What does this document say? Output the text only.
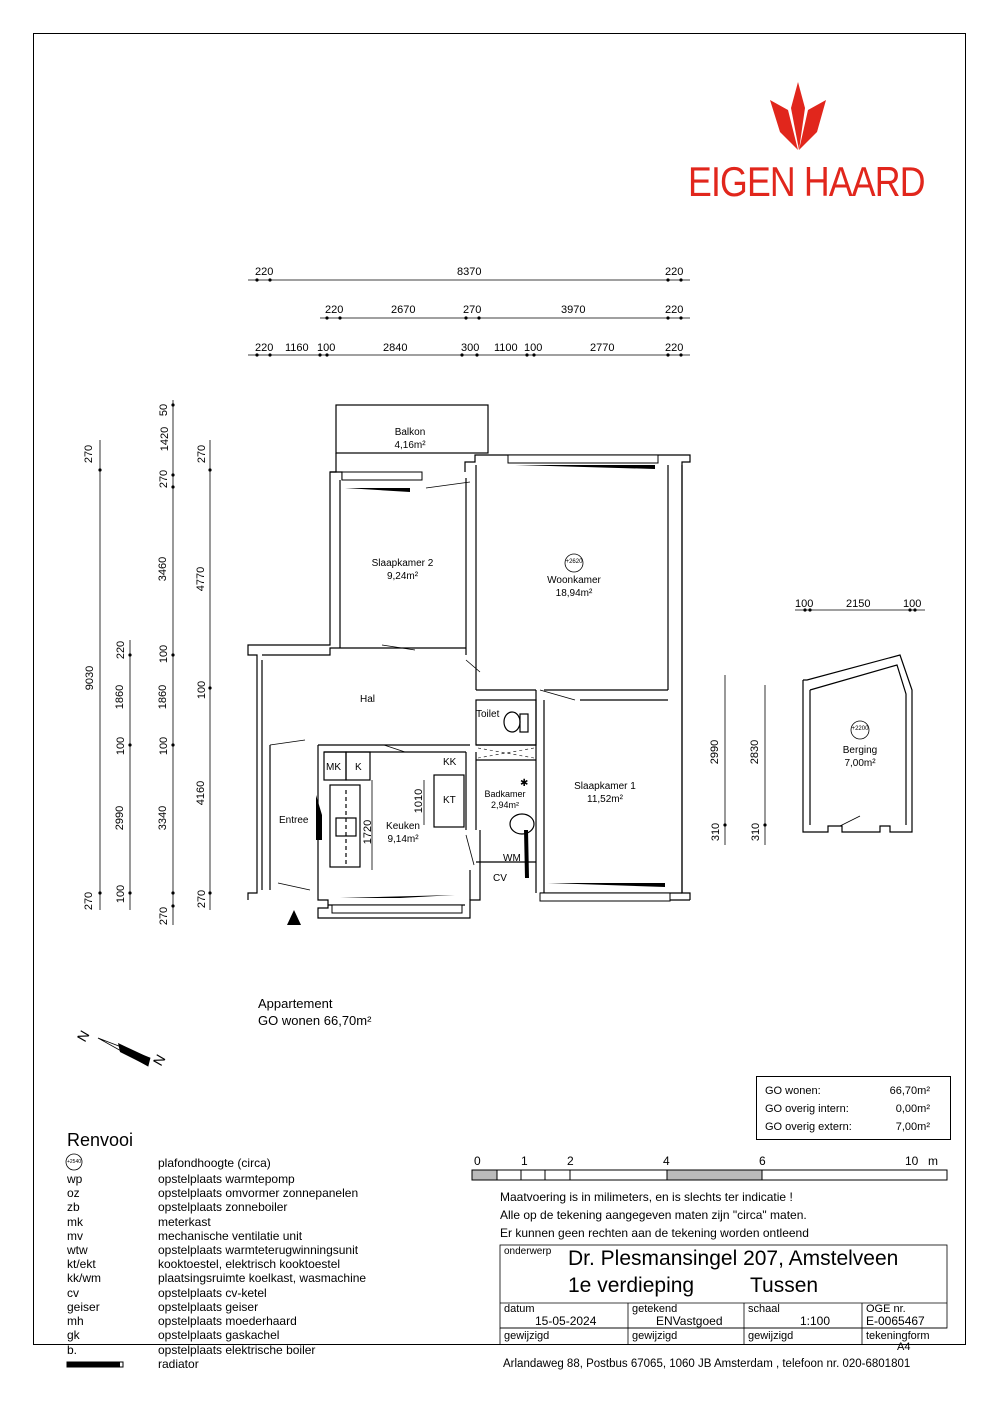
✱
EIGEN HAARD
220	8370	220
220	2670	270	3970	220
220 1160 100	2840	300 1100 100	2770	220
270
9030
270
220
1860
100
2990
100
50
1420
270
3460
100
1860
100
3340
270
270
4770
100
4160
270
100	2150	100
2990
310
2830
310
1010
1720
Balkon
4,16m²
Slaapkamer 2
9,24m²
+2620
Woonkamer
18,94m²
Hal
Toilet
MK K	KK
KT
Entree
Keuken
9,14m²
Badkamer
2,94m²
WM
CV
Slaapkamer 1
11,52m²
+2200
Berging
7,00m²
Appartement
GO wonen 66,70m²
N
N
GO wonen:	66,70m²
GO overig intern:	0,00m²
GO overig extern:	7,00m²
Renvooi
+2540	plafondhoogte (circa)
wp	opstelplaats warmtepomp
oz	opstelplaats omvormer zonnepanelen
zb	opstelplaats zonneboiler
mk	meterkast
mv	mechanische ventilatie unit
wtw	opstelplaats warmteterugwinningsunit
kt/ekt	kooktoestel, elektrisch kooktoestel
kk/wm	plaatsingsruimte koelkast, wasmachine
cv	opstelplaats cv-ketel
geiser	opstelplaats geiser
mh	opstelplaats moederhaard
gk	opstelplaats gaskachel
b.	opstelplaats elektrische boiler
radiator
0	1	2	4	6	10 m
Maatvoering is in milimeters, en is slechts ter indicatie !
Alle op de tekening aangegeven maten zijn "circa" maten.
Er kunnen geen rechten aan de tekening worden ontleend
onderwerp Dr. Plesmansingel 207, Amstelveen
1e verdieping	Tussen
datum
15-05-2024
getekend
ENVastgoed
schaal
1:100
OGE nr.
E-0065467
gewijzigd	gewijzigd	gewijzigd	tekeningform
A4
Arlandaweg 88, Postbus 67065, 1060 JB Amsterdam , telefoon nr. 020-6801801
